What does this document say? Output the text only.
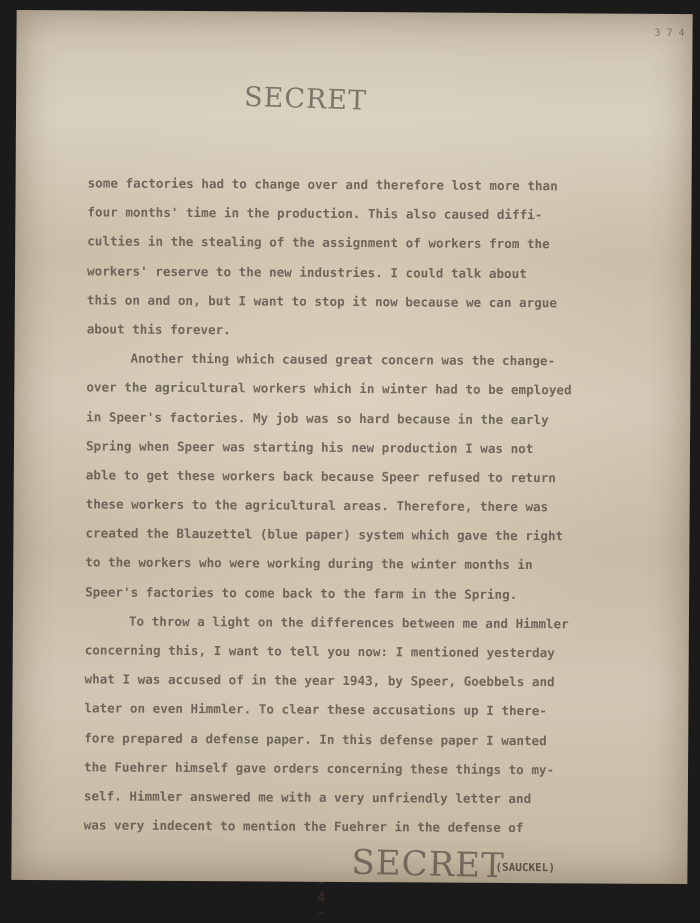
3 7 4
SECRET
some factories had to change over and therefore lost more than
four months' time in the production. This also caused diffi-
culties in the stealing of the assignment of workers from the
workers' reserve to the new industries. I could talk about
this on and on, but I want to stop it now because we can argue
about this forever.
Another thing which caused great concern was the change-
over the agricultural workers which in winter had to be employed
in Speer's factories. My job was so hard because in the early
Spring when Speer was starting his new production I was not
able to get these workers back because Speer refused to return
these workers to the agricultural areas. Therefore, there was
created the Blauzettel (blue paper) system which gave the right
to the workers who were working during the winter months in
Speer's factories to come back to the farm in the Spring.
To throw a light on the differences between me and Himmler
concerning this, I want to tell you now: I mentioned yesterday
what I was accused of in the year 1943, by Speer, Goebbels and
later on even Himmler. To clear these accusations up I there-
fore prepared a defense paper. In this defense paper I wanted
the Fuehrer himself gave orders concerning these things to my-
self. Himmler answered me with a very unfriendly letter and
was very indecent to mention the Fuehrer in the defense of
SECRET
- 4 -
(SAUCKEL)
